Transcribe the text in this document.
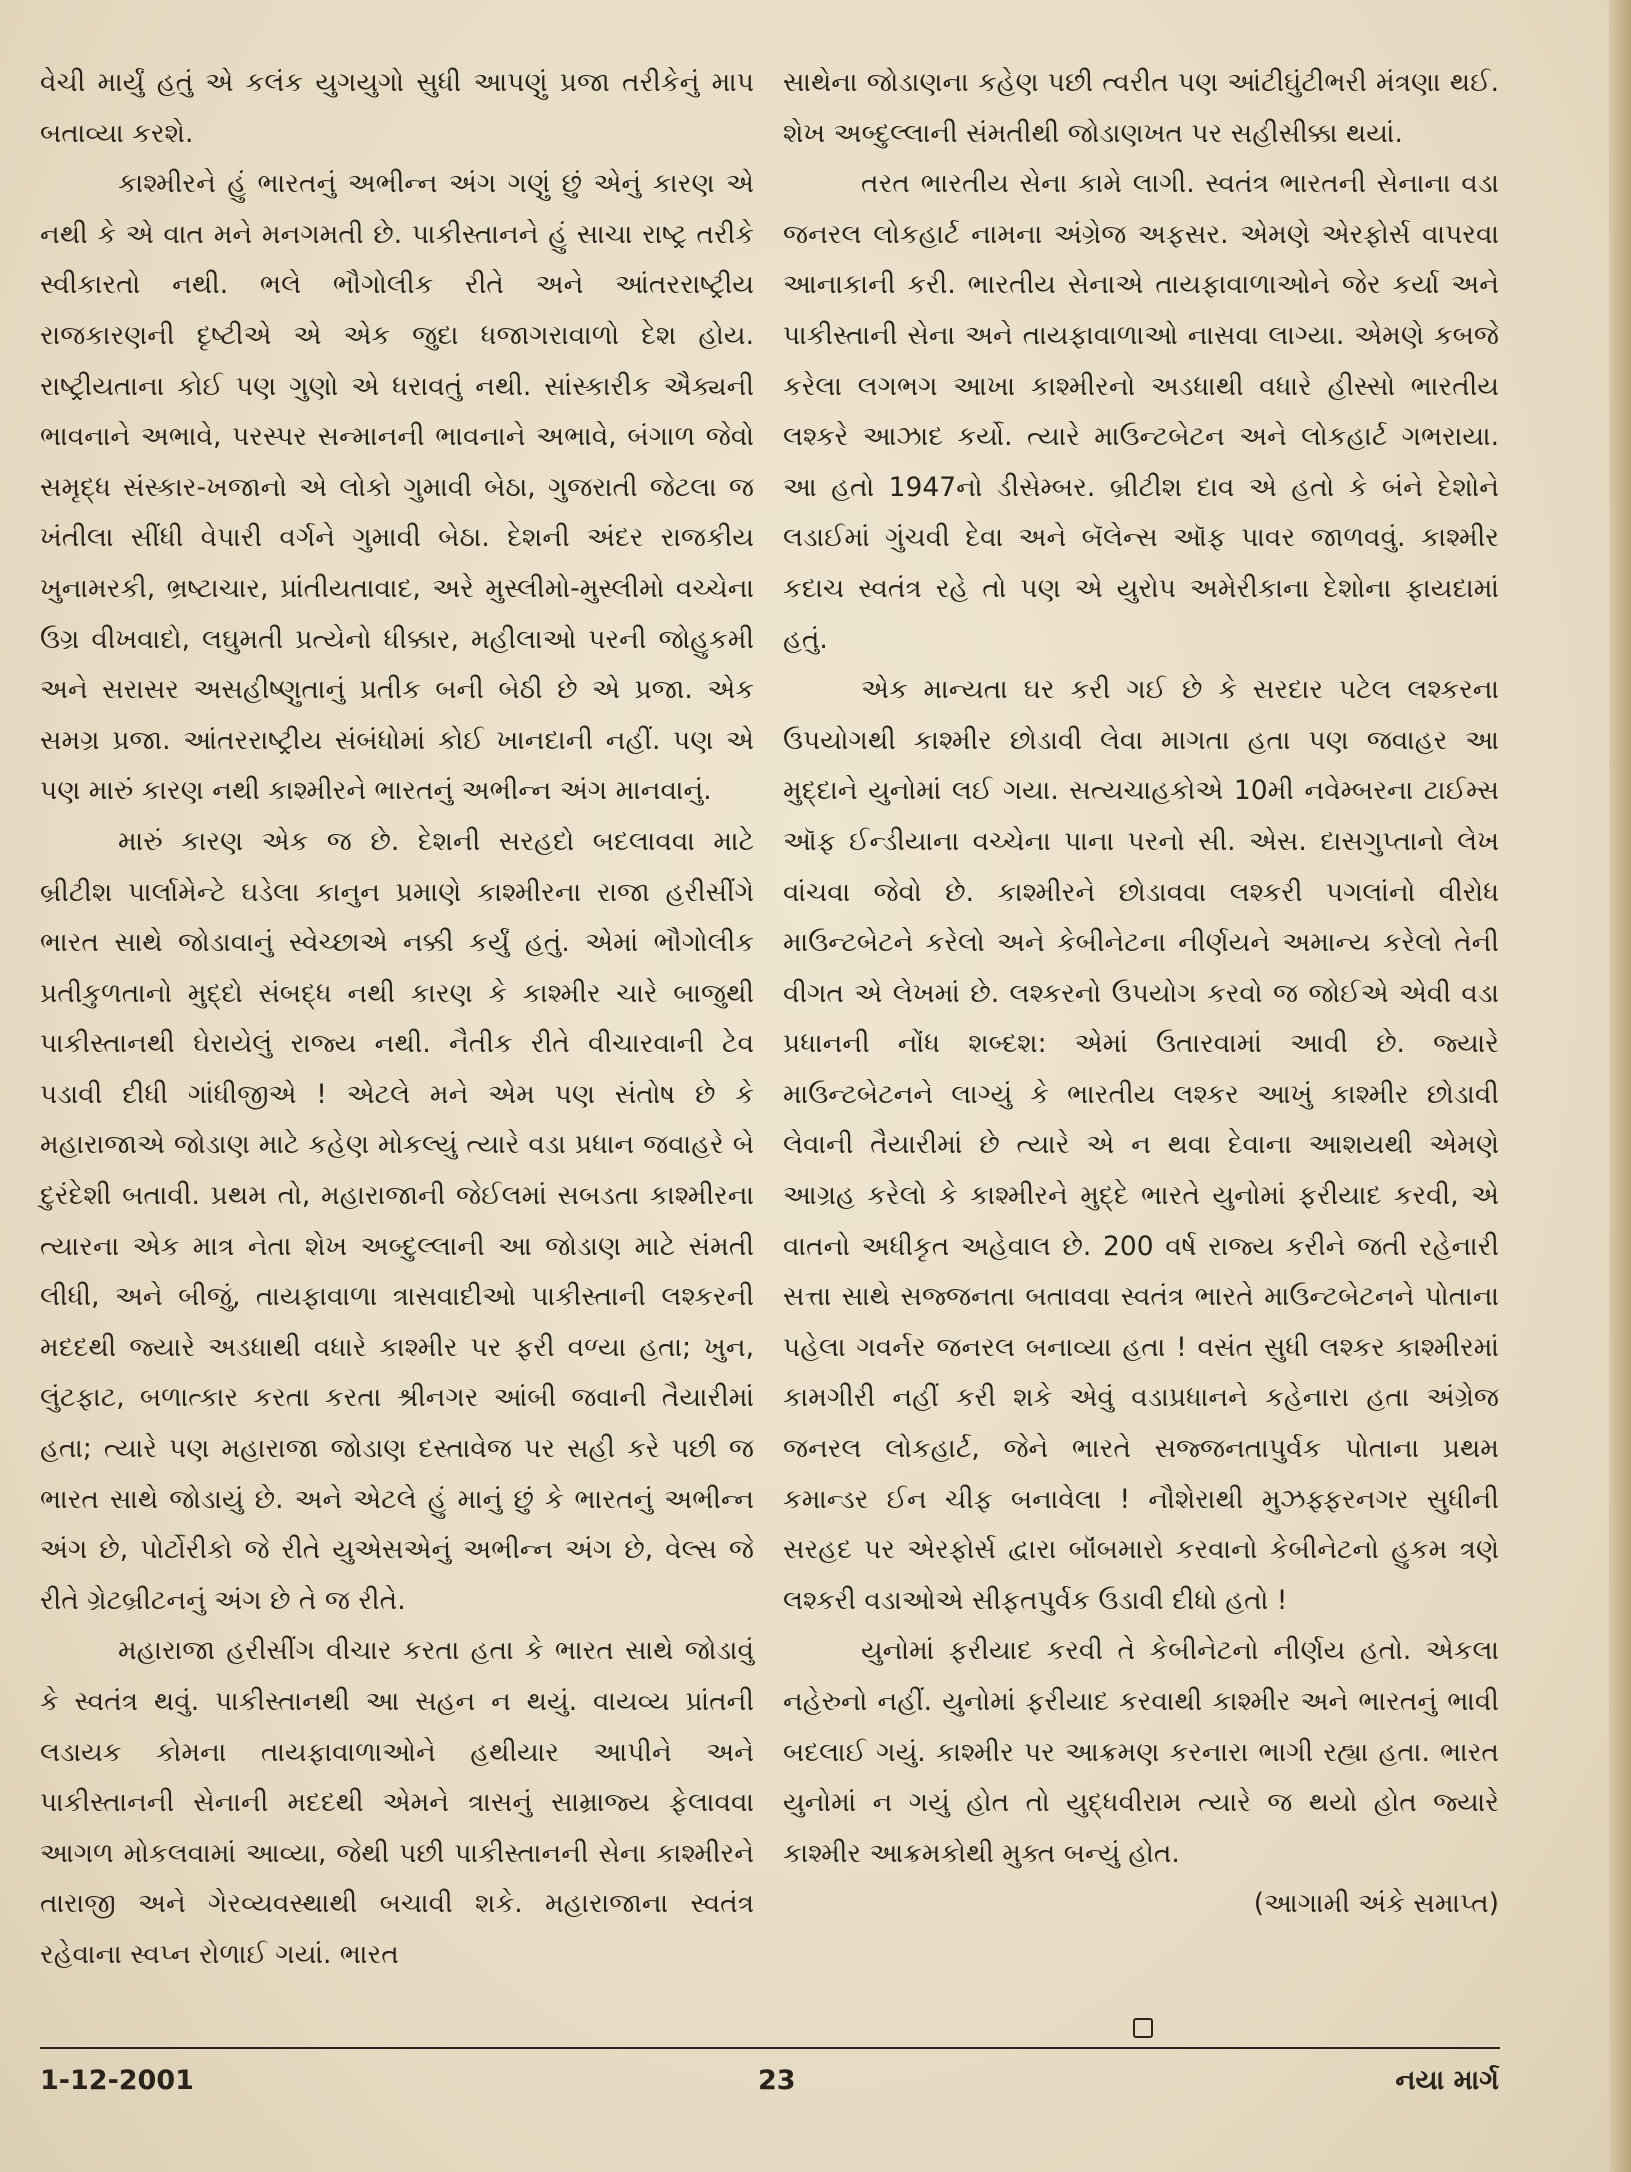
વેચી માર્યું હતું એ કલંક યુગયુગો સુધી આપણું પ્રજા તરીકેનું માપ બતાવ્યા કરશે.

કાશ્મીરને હું ભારતનું અભીન્ન અંગ ગણું છું એનું કારણ એ નથી કે એ વાત મને મનગમતી છે. પાકીસ્તાનને હું સાચા રાષ્ટ્ર તરીકે સ્વીકારતો નથી. ભલે ભૌગોલીક રીતે અને આંતરરાષ્ટ્રીય રાજકારણની દૃષ્ટીએ એ એક જુદા ધજાગરાવાળો દેશ હોય. રાષ્ટ્રીયતાના કોઈ પણ ગુણો એ ધરાવતું નથી. સાંસ્કારીક ઐક્યની ભાવનાને અભાવે, પરસ્પર સન્માનની ભાવનાને અભાવે, બંગાળ જેવો સમૃદ્ધ સંસ્કાર-ખજાનો એ લોકો ગુમાવી બેઠા, ગુજરાતી જેટલા જ ખંતીલા સીંધી વેપારી વર્ગને ગુમાવી બેઠા. દેશની અંદર રાજકીય ખુનામરકી, ભ્રષ્ટાચાર, પ્રાંતીયતાવાદ, અરે મુસ્લીમો-મુસ્લીમો વચ્ચેના ઉગ્ર વીખવાદો, લઘુમતી પ્રત્યેનો ધીક્કાર, મહીલાઓ પરની જોહુકમી અને સરાસર અસહીષ્ણુતાનું પ્રતીક બની બેઠી છે એ પ્રજા. એક સમગ્ર પ્રજા. આંતરરાષ્ટ્રીય સંબંધોમાં કોઈ ખાનદાની નહીં. પણ એ પણ મારું કારણ નથી કાશ્મીરને ભારતનું અભીન્ન અંગ માનવાનું.

મારું કારણ એક જ છે. દેશની સરહદો બદલાવવા માટે બ્રીટીશ પાર્લામેન્ટે ઘડેલા કાનુન પ્રમાણે કાશ્મીરના રાજા હરીસીંગે ભારત સાથે જોડાવાનું સ્વેચ્છાએ નક્કી કર્યું હતું. એમાં ભૌગોલીક પ્રતીકુળતાનો મુદ્દો સંબદ્ધ નથી કારણ કે કાશ્મીર ચારે બાજુથી પાકીસ્તાનથી ઘેરાયેલું રાજ્ય નથી. નૈતીક રીતે વીચારવાની ટેવ પડાવી દીધી ગાંધીજીએ ! એટલે મને એમ પણ સંતોષ છે કે મહારાજાએ જોડાણ માટે કહેણ મોકલ્યું ત્યારે વડા પ્રધાન જવાહરે બે દુરંદેશી બતાવી. પ્રથમ તો, મહારાજાની જેઈલમાં સબડતા કાશ્મીરના ત્યારના એક માત્ર નેતા શેખ અબ્દુલ્લાની આ જોડાણ માટે સંમતી લીધી, અને બીજું, તાયફાવાળા ત્રાસવાદીઓ પાકીસ્તાની લશ્કરની મદદથી જ્યારે અડધાથી વધારે કાશ્મીર પર ફરી વળ્યા હતા; ખુન, લુંટફાટ, બળાત્કાર કરતા કરતા શ્રીનગર આંબી જવાની તૈયારીમાં હતા; ત્યારે પણ મહારાજા જોડાણ દસ્તાવેજ પર સહી કરે પછી જ ભારત સાથે જોડાયું છે. અને એટલે હું માનું છું કે ભારતનું અભીન્ન અંગ છે, પોર્ટોરીકો જે રીતે યુએસએનું અભીન્ન અંગ છે, વેલ્સ જે રીતે ગ્રેટબ્રીટનનું અંગ છે તે જ રીતે.

મહારાજા હરીસીંગ વીચાર કરતા હતા કે ભારત સાથે જોડાવું કે સ્વતંત્ર થવું. પાકીસ્તાનથી આ સહન ન થયું. વાયવ્ય પ્રાંતની લડાયક કોમના તાયફાવાળાઓને હથીયાર આપીને અને પાકીસ્તાનની સેનાની મદદથી એમને ત્રાસનું સામ્રાજ્ય ફેલાવવા આગળ મોકલવામાં આવ્યા, જેથી પછી પાકીસ્તાનની સેના કાશ્મીરને તારાજી અને ગેરવ્યવસ્થાથી બચાવી શકે. મહારાજાના સ્વતંત્ર રહેવાના સ્વપ્ન રોળાઈ ગયાં. ભારત

સાથેના જોડાણના કહેણ પછી ત્વરીત પણ આંટીઘુંટીભરી મંત્રણા થઈ. શેખ અબ્દુલ્લાની સંમતીથી જોડાણખત પર સહીસીક્કા થયાં.

તરત ભારતીય સેના કામે લાગી. સ્વતંત્ર ભારતની સેનાના વડા જનરલ લોકહાર્ટ નામના અંગ્રેજ અફસર. એમણે એરફોર્સ વાપરવા આનાકાની કરી. ભારતીય સેનાએ તાયફાવાળાઓને જેર કર્યા અને પાકીસ્તાની સેના અને તાયફાવાળાઓ નાસવા લાગ્યા. એમણે કબજે કરેલા લગભગ આખા કાશ્મીરનો અડધાથી વધારે હીસ્સો ભારતીય લશ્કરે આઝાદ કર્યો. ત્યારે માઉન્ટબેટન અને લોકહાર્ટ ગભરાયા. આ હતો 1947નો ડીસેમ્બર. બ્રીટીશ દાવ એ હતો કે બંને દેશોને લડાઈમાં ગુંચવી દેવા અને બૅલેન્સ ઑફ પાવર જાળવવું. કાશ્મીર કદાચ સ્વતંત્ર રહે તો પણ એ યુરોપ અમેરીકાના દેશોના ફાયદામાં હતું.

એક માન્યતા ઘર કરી ગઈ છે કે સરદાર પટેલ લશ્કરના ઉપયોગથી કાશ્મીર છોડાવી લેવા માગતા હતા પણ જવાહર આ મુદ્દાને યુનોમાં લઈ ગયા. સત્યચાહકોએ 10મી નવેમ્બરના ટાઈમ્સ ઑફ ઈન્ડીયાના વચ્ચેના પાના પરનો સી. એસ. દાસગુપ્તાનો લેખ વાંચવા જેવો છે. કાશ્મીરને છોડાવવા લશ્કરી પગલાંનો વીરોધ માઉન્ટબેટને કરેલો અને કેબીનેટના નીર્ણયને અમાન્ય કરેલો તેની વીગત એ લેખમાં છે. લશ્કરનો ઉપયોગ કરવો જ જોઈએ એવી વડા પ્રધાનની નોંધ શબ્દશ: એમાં ઉતારવામાં આવી છે. જ્યારે માઉન્ટબેટનને લાગ્યું કે ભારતીય લશ્કર આખું કાશ્મીર છોડાવી લેવાની તૈયારીમાં છે ત્યારે એ ન થવા દેવાના આશયથી એમણે આગ્રહ કરેલો કે કાશ્મીરને મુદ્દે ભારતે યુનોમાં ફરીયાદ કરવી, એ વાતનો અધીકૃત અહેવાલ છે. 200 વર્ષ રાજ્ય કરીને જતી રહેનારી સત્તા સાથે સજ્જનતા બતાવવા સ્વતંત્ર ભારતે માઉન્ટબેટનને પોતાના પહેલા ગવર્નર જનરલ બનાવ્યા હતા ! વસંત સુધી લશ્કર કાશ્મીરમાં કામગીરી નહીં કરી શકે એવું વડાપ્રધાનને કહેનારા હતા અંગ્રેજ જનરલ લોકહાર્ટ, જેને ભારતે સજ્જનતાપુર્વક પોતાના પ્રથમ કમાન્ડર ઈન ચીફ બનાવેલા ! નૌશેરાથી મુઝફ્ફરનગર સુધીની સરહદ પર એરફોર્સ દ્વારા બૉંબમારો કરવાનો કેબીનેટનો હુકમ ત્રણે લશ્કરી વડાઓએ સીફતપુર્વક ઉડાવી દીધો હતો !

યુનોમાં ફરીયાદ કરવી તે કેબીનેટનો નીર્ણય હતો. એકલા નહેરુનો નહીં. યુનોમાં ફરીયાદ કરવાથી કાશ્મીર અને ભારતનું ભાવી બદલાઈ ગયું. કાશ્મીર પર આક્રમણ કરનારા ભાગી રહ્યા હતા. ભારત યુનોમાં ન ગયું હોત તો યુદ્ધવીરામ ત્યારે જ થયો હોત જ્યારે કાશ્મીર આક્રમકોથી મુક્ત બન્યું હોત.

(આગામી અંકે સમાપ્ત)

1-12-2001	23	નયા માર્ગ
